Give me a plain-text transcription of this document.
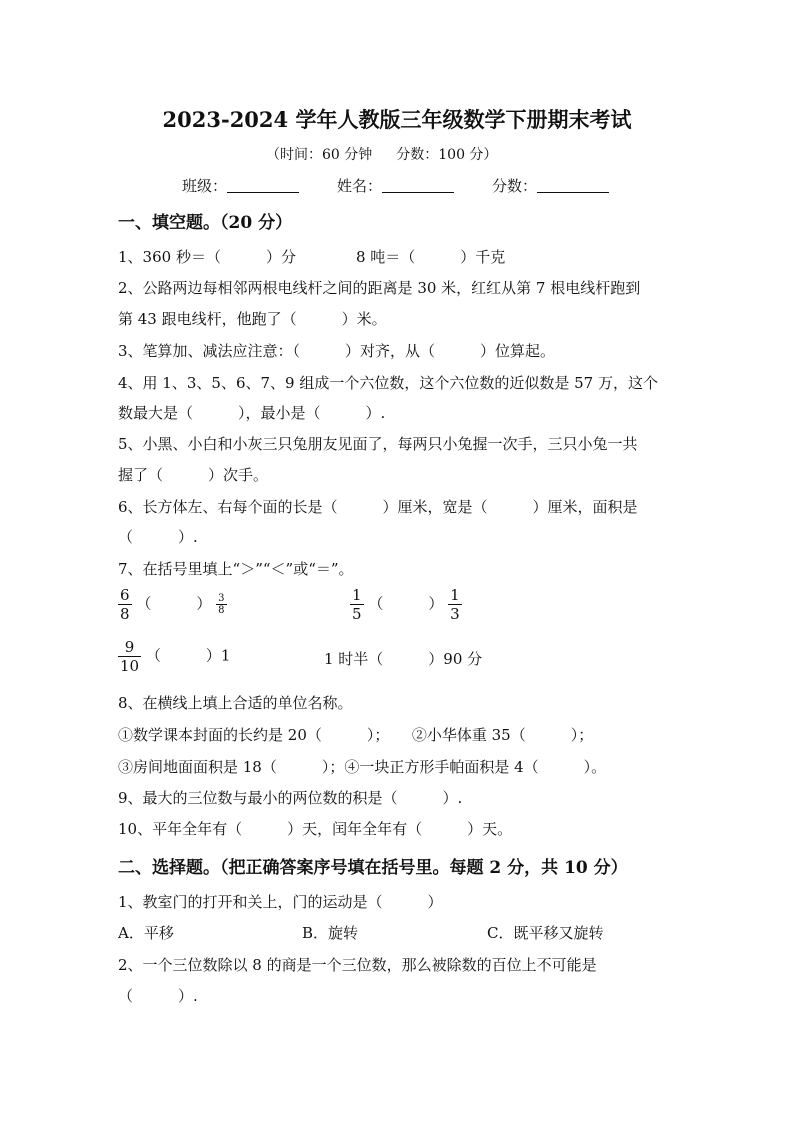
2023-2024 学年人教版三年级数学下册期末考试
（时间：60 分钟 分数：100 分）
班级：	姓名：	分数：
一、填空题。（20 分）
1、360 秒＝（　　　）分　　　　8 吨＝（　　　）千克
2、公路两边每相邻两根电线杆之间的距离是 30 米，红红从第 7 根电线杆跑到
第 43 跟电线杆，他跑了（　　　）米。
3、笔算加、减法应注意：（　　　）对齐，从（　　　）位算起。
4、用 1、3、5、6、7、9 组成一个六位数，这个六位数的近似数是 57 万，这个
数最大是（　　　），最小是（　　　）.
5、小黑、小白和小灰三只兔朋友见面了，每两只小兔握一次手，三只小兔一共
握了（　　　）次手。
6、长方体左、右每个面的长是（　　　）厘米，宽是（　　　）厘米，面积是
（　　　）.
7、在括号里填上“＞”“＜”或“＝”。
$\frac{6}{8}$ （　　　） $\frac{3}{8}$	$\frac{1}{5}$ （　　　） $\frac{1}{3}$
$\frac{9}{10}$ （　　　）1	1 时半（　　　）90 分
8、在横线上填上合适的单位名称。
①数学课本封面的长约是 20（　　　）；　　②小华体重 35（　　　）；
③房间地面面积是 18（　　　）；④一块正方形手帕面积是 4（　　　）。
9、最大的三位数与最小的两位数的积是（　　　）.
10、平年全年有（　　　）天，闰年全年有（　　　）天。
二、选择题。（把正确答案序号填在括号里。每题 2 分，共 10 分）
1、教室门的打开和关上，门的运动是（　　　）
A．平移	B．旋转	C．既平移又旋转
2、一个三位数除以 8 的商是一个三位数，那么被除数的百位上不可能是
（　　　）.
